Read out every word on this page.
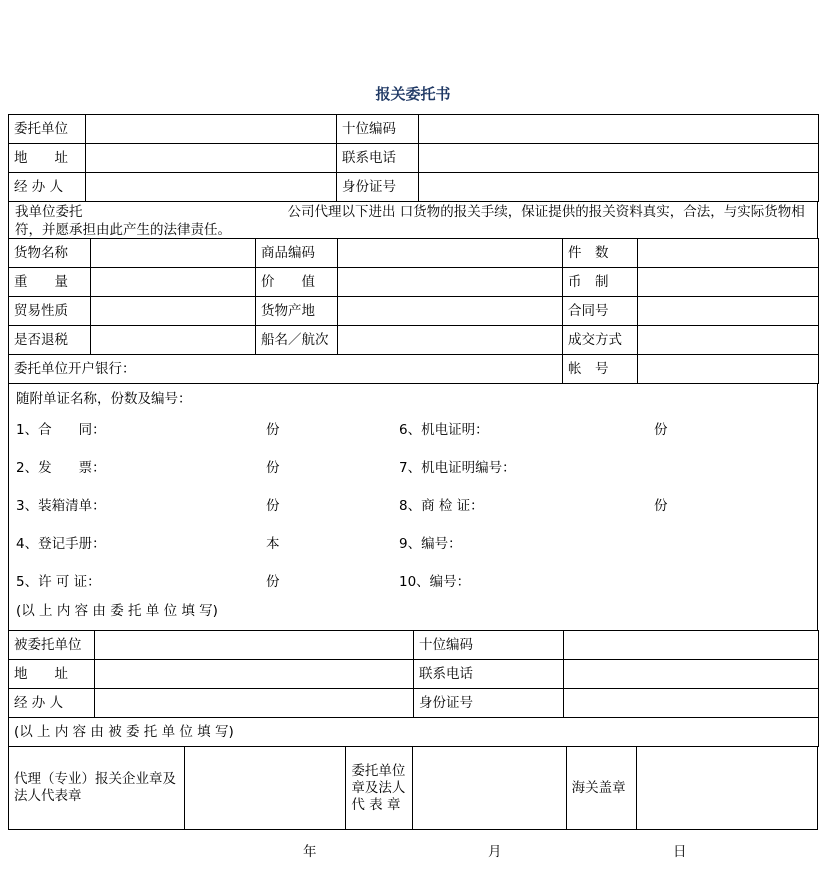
报关委托书
委托单位		十位编码	
地　　址		联系电话	
经 办 人		身份证号	
我单位委托	公司代理以下进出 口货物的报关手续，保证提供的报关资料真实，合法，与实际货物相符，并愿承担由此产生的法律责任。
货物名称		商品编码		件　数	
重　　量		价　　值		币　制	
贸易性质		货物产地		合同号	
是否退税		船名／航次		成交方式	
委托单位开户银行：				帐　号	
随附单证名称，份数及编号：
1、合　　同：	份	6、机电证明：	份
2、发　　票：	份	7、机电证明编号：
3、装箱清单：	份	8、商 检 证：	份
4、登记手册：	本	9、编号：
5、许 可 证：	份	10、编号：
(以 上 内 容 由 委 托 单 位 填 写)
被委托单位		十位编码	
地　　址		联系电话	
经 办 人		身份证号	
(以 上 内 容 由 被 委 托 单 位 填 写)			
代理（专业）报关企业章及法人代表章		委托单位章及法人代 表 章		海关盖章	
年	月	日
